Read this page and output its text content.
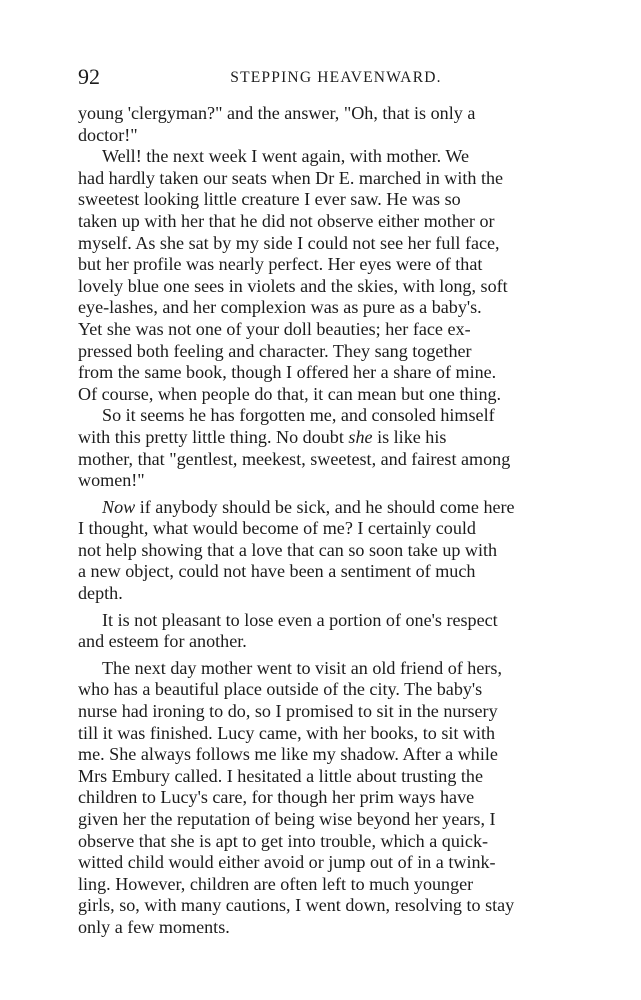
92	STEPPING HEAVENWARD.
young 'clergyman?" and the answer, "Oh, that is only a
doctor!"
Well! the next week I went again, with mother. We
had hardly taken our seats when Dr E. marched in with the
sweetest looking little creature I ever saw. He was so
taken up with her that he did not observe either mother or
myself. As she sat by my side I could not see her full face,
but her profile was nearly perfect. Her eyes were of that
lovely blue one sees in violets and the skies, with long, soft
eye-lashes, and her complexion was as pure as a baby's.
Yet she was not one of your doll beauties; her face ex-
pressed both feeling and character. They sang together
from the same book, though I offered her a share of mine.
Of course, when people do that, it can mean but one thing.
So it seems he has forgotten me, and consoled himself
with this pretty little thing. No doubt she is like his
mother, that "gentlest, meekest, sweetest, and fairest among
women!"
Now if anybody should be sick, and he should come here
I thought, what would become of me? I certainly could
not help showing that a love that can so soon take up with
a new object, could not have been a sentiment of much
depth.
It is not pleasant to lose even a portion of one's respect
and esteem for another.
The next day mother went to visit an old friend of hers,
who has a beautiful place outside of the city. The baby's
nurse had ironing to do, so I promised to sit in the nursery
till it was finished. Lucy came, with her books, to sit with
me. She always follows me like my shadow. After a while
Mrs Embury called. I hesitated a little about trusting the
children to Lucy's care, for though her prim ways have
given her the reputation of being wise beyond her years, I
observe that she is apt to get into trouble, which a quick-
witted child would either avoid or jump out of in a twink-
ling. However, children are often left to much younger
girls, so, with many cautions, I went down, resolving to stay
only a few moments.
